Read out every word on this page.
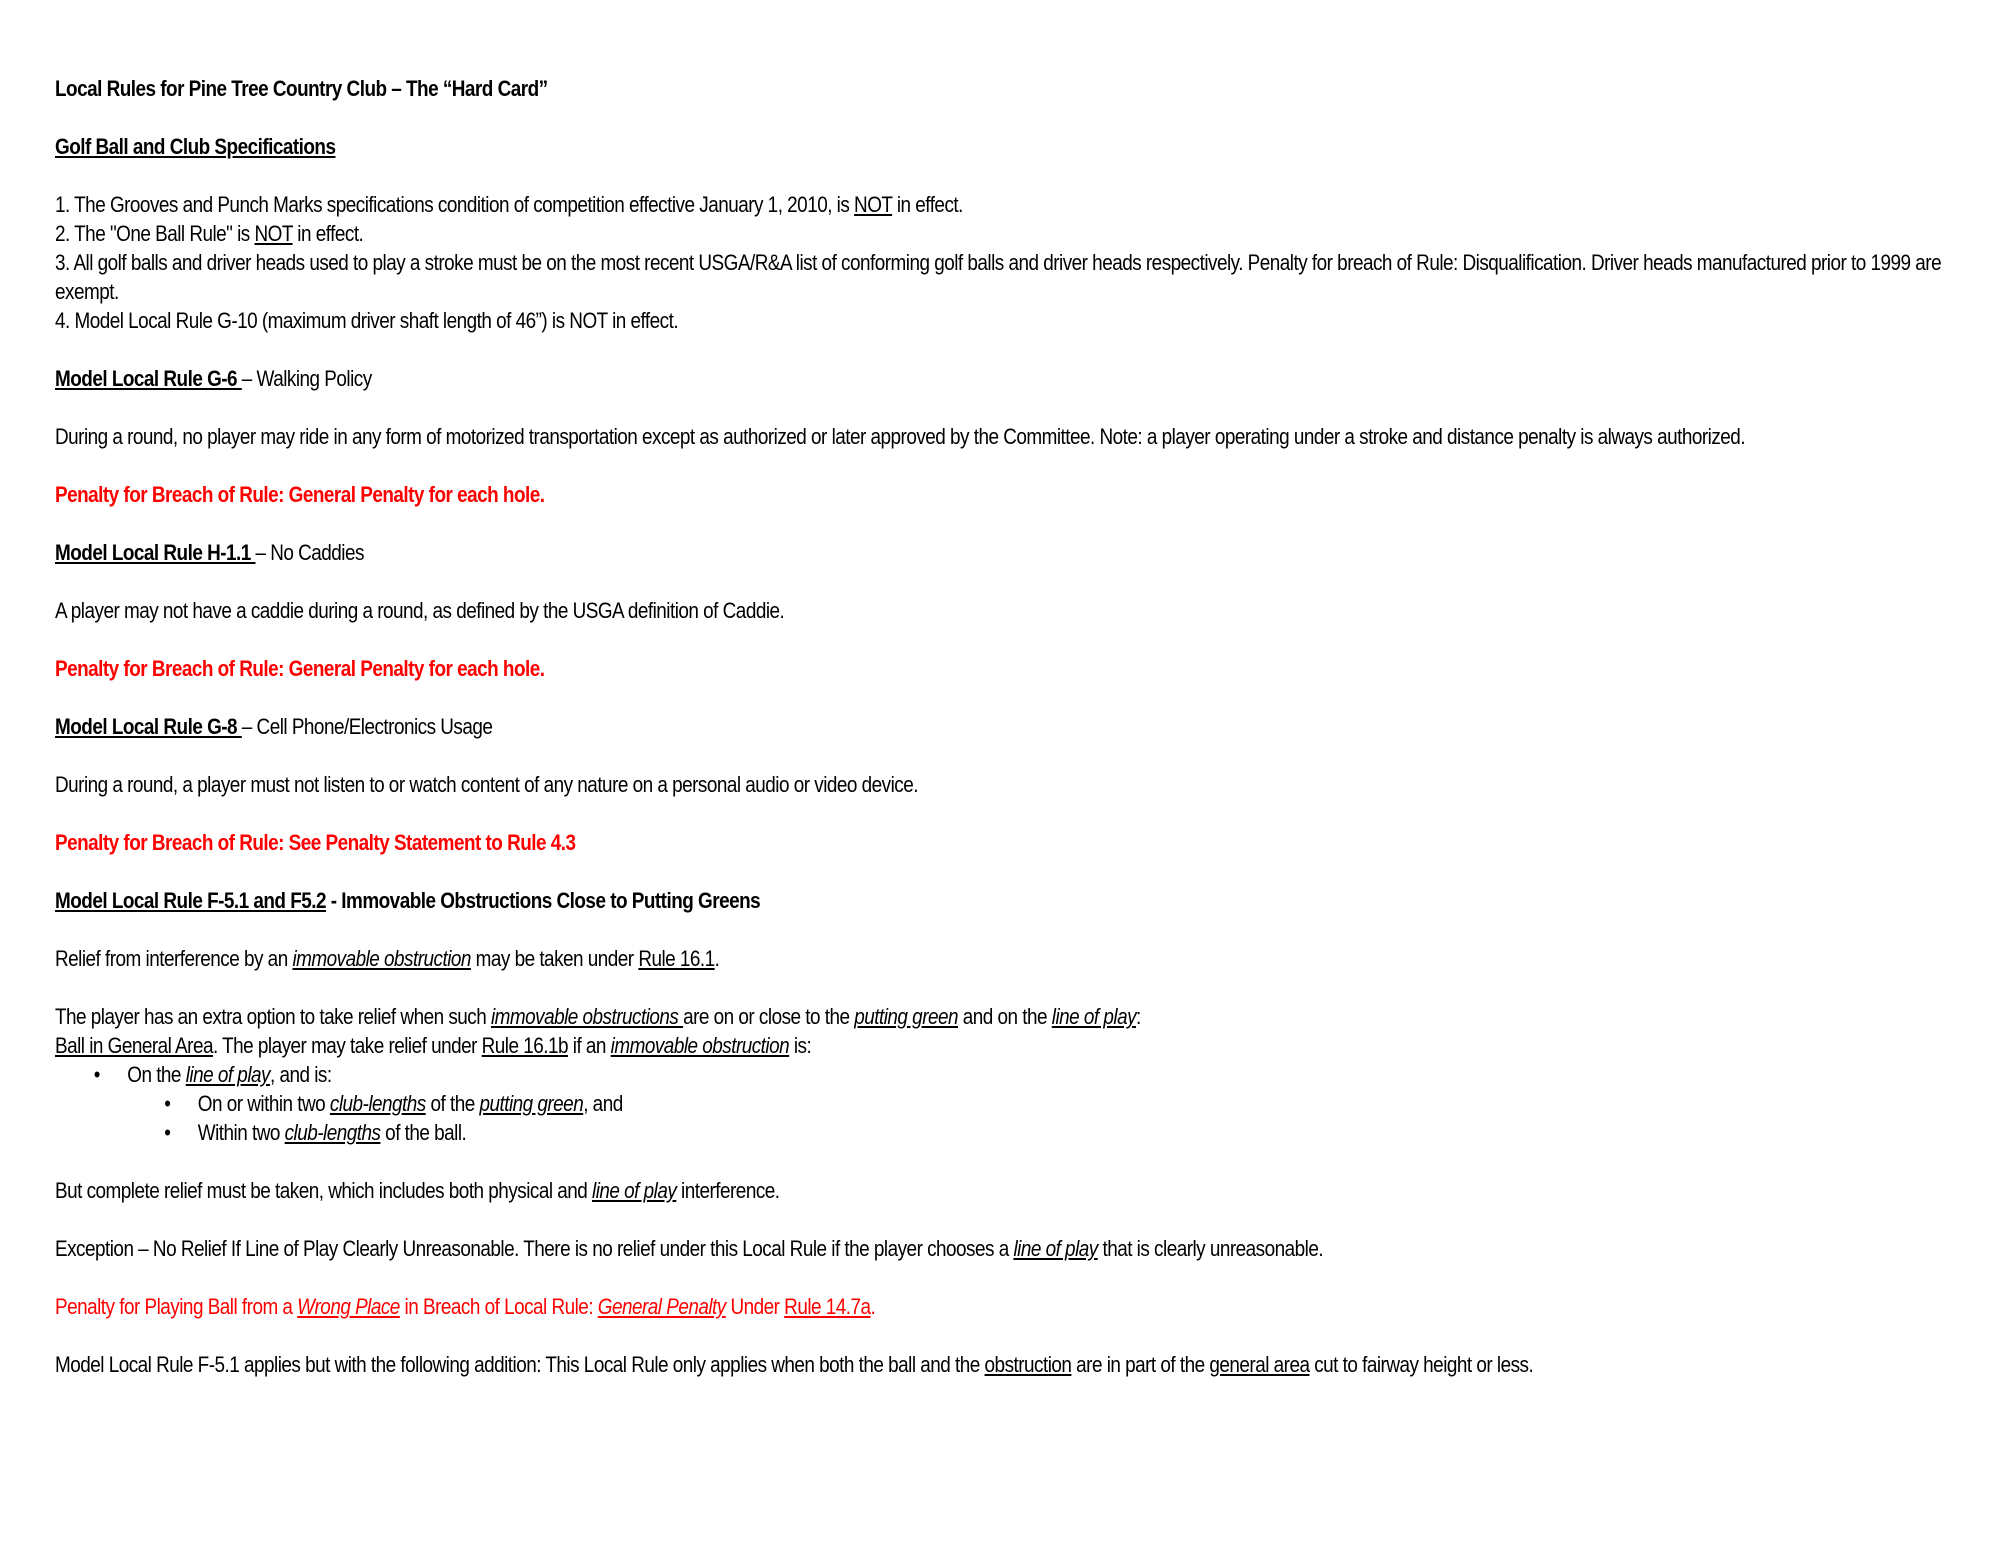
Local Rules for Pine Tree Country Club – The “Hard Card”
Golf Ball and Club Specifications
1. The Grooves and Punch Marks specifications condition of competition effective January 1, 2010, is NOT in effect.
2. The "One Ball Rule" is NOT in effect.
3. All golf balls and driver heads used to play a stroke must be on the most recent USGA/R&A list of conforming golf balls and driver heads respectively. Penalty for breach of Rule: Disqualification. Driver heads manufactured prior to 1999 are exempt.
4. Model Local Rule G-10 (maximum driver shaft length of 46”) is NOT in effect.
Model Local Rule G-6 – Walking Policy
During a round, no player may ride in any form of motorized transportation except as authorized or later approved by the Committee. Note: a player operating under a stroke and distance penalty is always authorized.
Penalty for Breach of Rule: General Penalty for each hole.
Model Local Rule H-1.1 – No Caddies
A player may not have a caddie during a round, as defined by the USGA definition of Caddie.
Penalty for Breach of Rule: General Penalty for each hole.
Model Local Rule G-8 – Cell Phone/Electronics Usage
During a round, a player must not listen to or watch content of any nature on a personal audio or video device.
Penalty for Breach of Rule: See Penalty Statement to Rule 4.3
Model Local Rule F-5.1 and F5.2 - Immovable Obstructions Close to Putting Greens
Relief from interference by an immovable obstruction may be taken under Rule 16.1.
The player has an extra option to take relief when such immovable obstructions are on or close to the putting green and on the line of play:
Ball in General Area. The player may take relief under Rule 16.1b if an immovable obstruction is:
• On the line of play, and is:
• On or within two club-lengths of the putting green, and
• Within two club-lengths of the ball.
But complete relief must be taken, which includes both physical and line of play interference.
Exception – No Relief If Line of Play Clearly Unreasonable. There is no relief under this Local Rule if the player chooses a line of play that is clearly unreasonable.
Penalty for Playing Ball from a Wrong Place in Breach of Local Rule: General Penalty Under Rule 14.7a.
Model Local Rule F-5.1 applies but with the following addition: This Local Rule only applies when both the ball and the obstruction are in part of the general area cut to fairway height or less.
